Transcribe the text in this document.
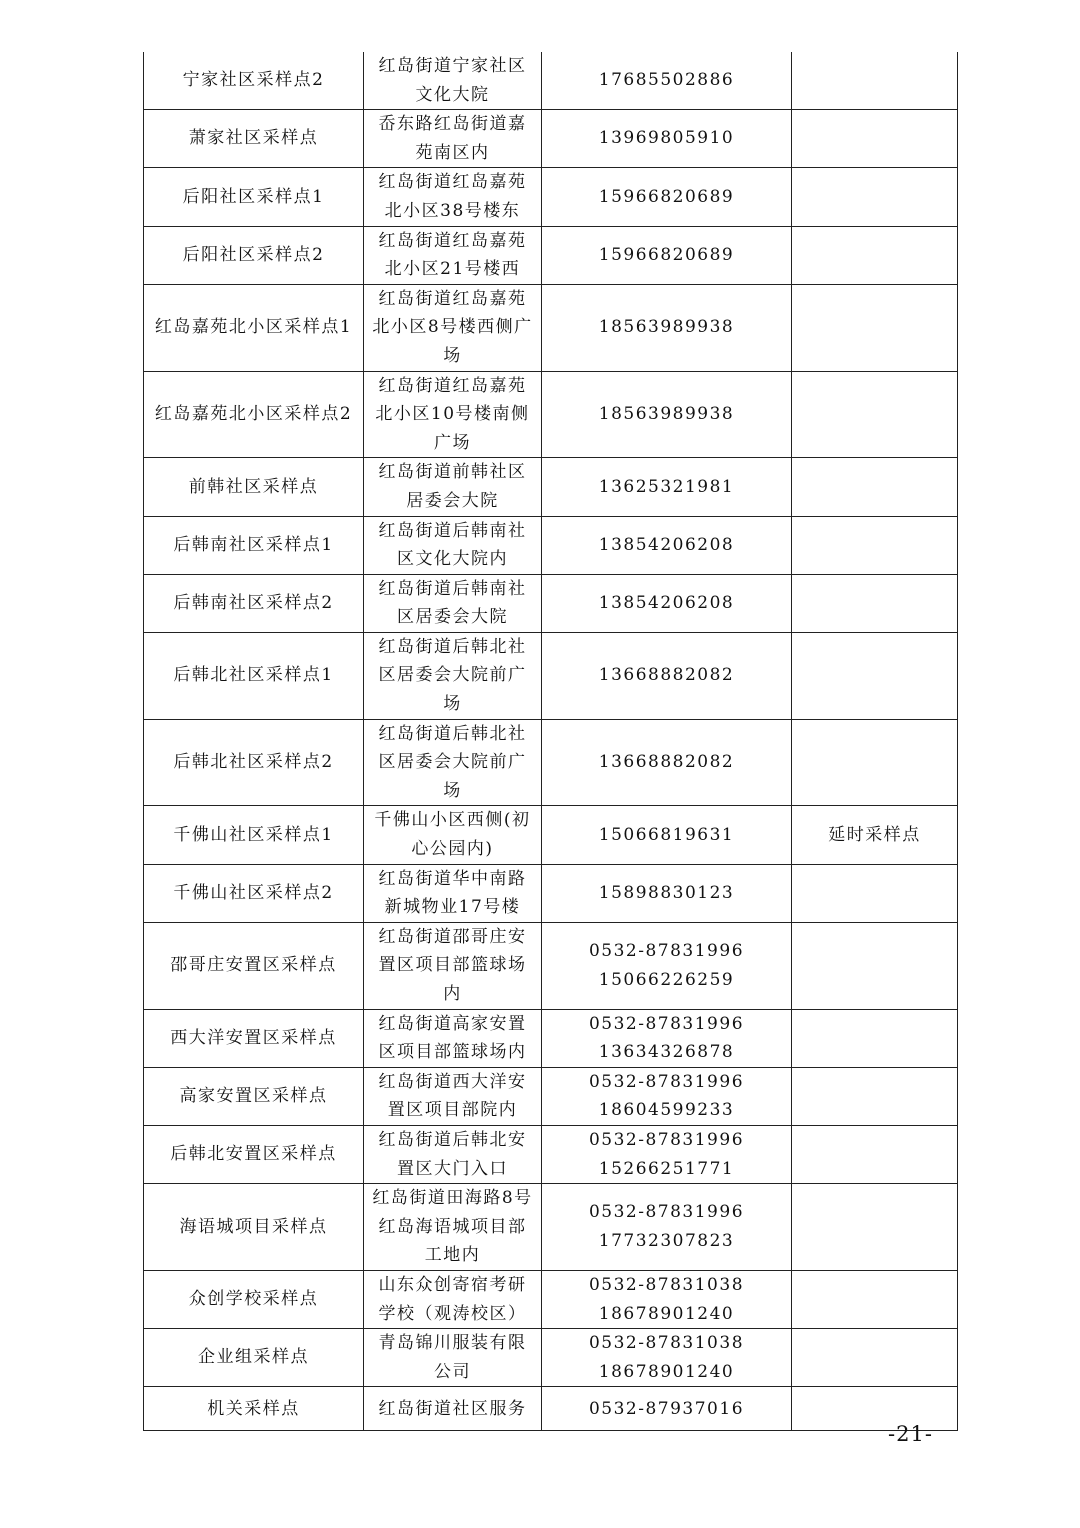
宁家社区采样点2	红岛街道宁家社区文化大院	17685502886	

萧家社区采样点	岙东路红岛街道嘉苑南区内	13969805910	

后阳社区采样点1	红岛街道红岛嘉苑北小区38号楼东	15966820689	

后阳社区采样点2	红岛街道红岛嘉苑北小区21号楼西	15966820689	

红岛嘉苑北小区采样点1	红岛街道红岛嘉苑北小区8号楼西侧广场	18563989938	

红岛嘉苑北小区采样点2	红岛街道红岛嘉苑北小区10号楼南侧广场	18563989938	

前韩社区采样点	红岛街道前韩社区居委会大院	13625321981	

后韩南社区采样点1	红岛街道后韩南社区文化大院内	13854206208	

后韩南社区采样点2	红岛街道后韩南社区居委会大院	13854206208	

后韩北社区采样点1	红岛街道后韩北社区居委会大院前广场	13668882082	

后韩北社区采样点2	红岛街道后韩北社区居委会大院前广场	13668882082	

千佛山社区采样点1	千佛山小区西侧(初心公园内)	15066819631	延时采样点
千佛山社区采样点2	红岛街道华中南路新城物业17号楼	15898830123	

邵哥庄安置区采样点	红岛街道邵哥庄安置区项目部篮球场内	0532-87831996
15066226259	

西大洋安置区采样点	红岛街道高家安置区项目部篮球场内	0532-87831996
13634326878	

高家安置区采样点	红岛街道西大洋安置区项目部院内	0532-87831996
18604599233	

后韩北安置区采样点	红岛街道后韩北安置区大门入口	0532-87831996
15266251771	

海语城项目采样点	红岛街道田海路8号红岛海语城项目部工地内	0532-87831996
17732307823	

众创学校采样点	山东众创寄宿考研学校（观涛校区）	0532-87831038
18678901240	

企业组采样点	青岛锦川服装有限公司	0532-87831038
18678901240	

机关采样点	红岛街道社区服务	0532-87937016	

-21-
